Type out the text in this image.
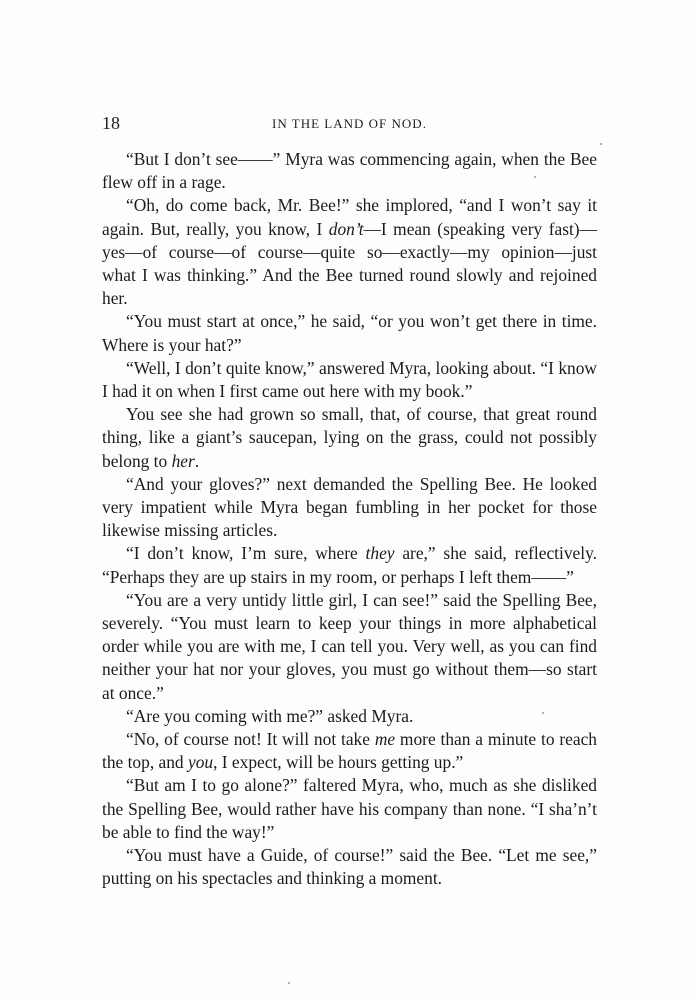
18	IN THE LAND OF NOD.

“But I don’t see——” Myra was commencing again, when the Bee flew off in a rage.

“Oh, do come back, Mr. Bee!” she implored, “and I won’t say it again. But, really, you know, I don’t—I mean (speaking very fast)—yes—of course—of course—quite so—exactly—my opinion—just what I was thinking.” And the Bee turned round slowly and rejoined her.

“You must start at once,” he said, “or you won’t get there in time. Where is your hat?”

“Well, I don’t quite know,” answered Myra, looking about. “I know I had it on when I first came out here with my book.”

You see she had grown so small, that, of course, that great round thing, like a giant’s saucepan, lying on the grass, could not possibly belong to her.

“And your gloves?” next demanded the Spelling Bee. He looked very impatient while Myra began fumbling in her pocket for those likewise missing articles.

“I don’t know, I’m sure, where they are,” she said, reflectively. “Perhaps they are up stairs in my room, or perhaps I left them——”

“You are a very untidy little girl, I can see!” said the Spelling Bee, severely. “You must learn to keep your things in more alphabetical order while you are with me, I can tell you. Very well, as you can find neither your hat nor your gloves, you must go without them—so start at once.”

“Are you coming with me?” asked Myra.

“No, of course not! It will not take me more than a minute to reach the top, and you, I expect, will be hours getting up.”

“But am I to go alone?” faltered Myra, who, much as she disliked the Spelling Bee, would rather have his company than none. “I sha’n’t be able to find the way!”

“You must have a Guide, of course!” said the Bee. “Let me see,” putting on his spectacles and thinking a moment.
